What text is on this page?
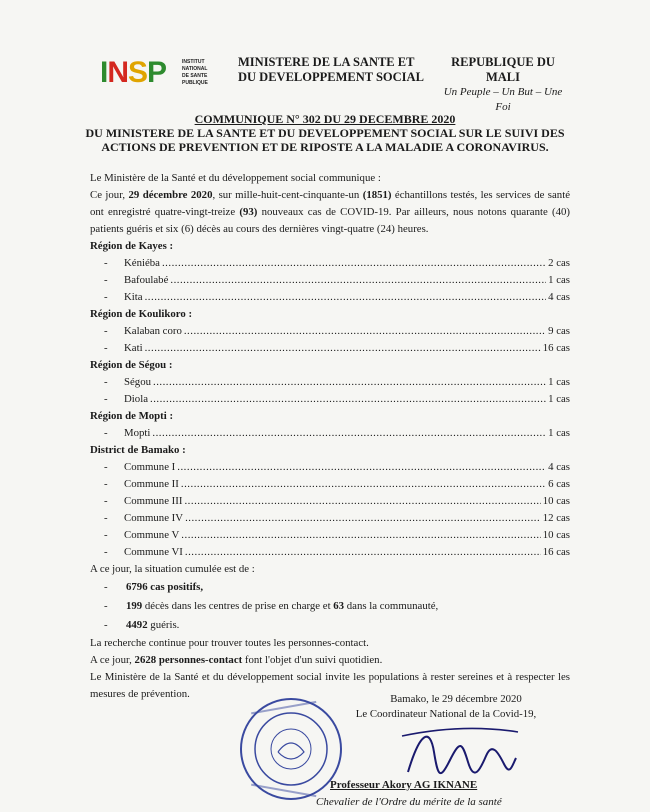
INSP	INSTITUT
NATIONAL
DE SANTE
PUBLIQUE
MINISTERE DE LA SANTE ET
DU DEVELOPPEMENT SOCIAL
REPUBLIQUE DU MALI
Un Peuple – Un But – Une Foi
COMMUNIQUE N° 302 DU 29 DECEMBRE 2020
DU MINISTERE DE LA SANTE ET DU DEVELOPPEMENT SOCIAL SUR LE SUIVI DES
ACTIONS DE PREVENTION ET DE RIPOSTE A LA MALADIE A CORONAVIRUS.

Le Ministère de la Santé et du développement social communique :

Ce jour, 29 décembre 2020, sur mille-huit-cent-cinquante-un (1851) échantillons testés, les services de santé ont enregistré quatre-vingt-treize (93) nouveaux cas de COVID-19. Par ailleurs, nous notons quarante (40) patients guéris et six (6) décès au cours des dernières vingt-quatre (24) heures.

Région de Kayes :

-	Kéniéba .....	2 cas
-	Bafoulabé .....	1 cas
-	Kita .....	4 cas

Région de Koulikoro :

-	Kalaban coro .....	9 cas
-	Kati .....	16 cas

Région de Ségou :

-	Ségou .....	1 cas
-	Diola .....	1 cas

Région de Mopti :

-	Mopti .....	1 cas

District de Bamako :

-	Commune I .....	4 cas
-	Commune II .....	6 cas
-	Commune III .....	10 cas
-	Commune IV .....	12 cas
-	Commune V .....	10 cas
-	Commune VI .....	16 cas

A ce jour, la situation cumulée est de :

- 6796 cas positifs,
- 199 décès dans les centres de prise en charge et 63 dans la communauté,
- 4492 guéris.

La recherche continue pour trouver toutes les personnes-contact.

A ce jour, 2628 personnes-contact font l'objet d'un suivi quotidien.

Le Ministère de la Santé et du développement social invite les populations à rester sereines et à respecter les mesures de prévention.	Bamako, le 29 décembre 2020
Le Coordinateur National de la Covid-19,
Professeur Akory AG IKNANE
Chevalier de l'Ordre du mérite de la santé
